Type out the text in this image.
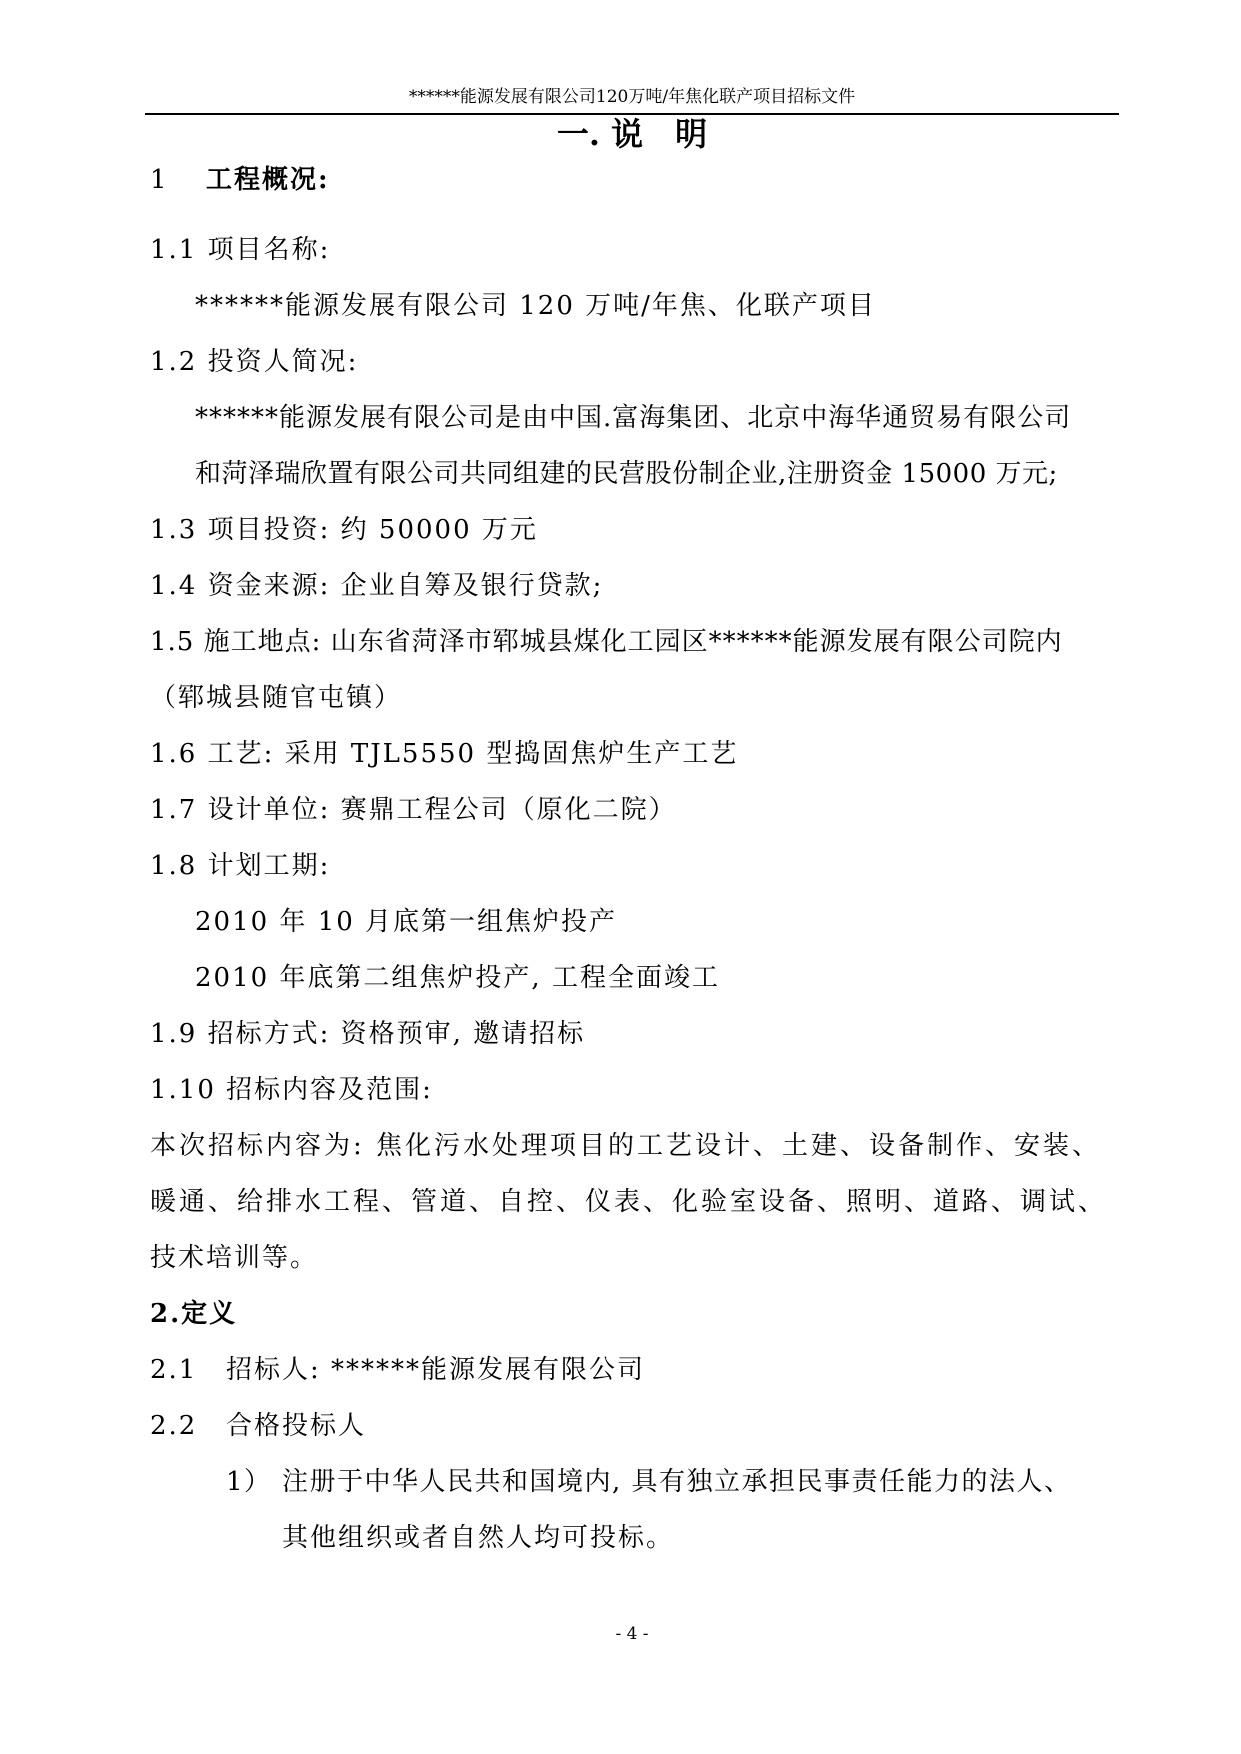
******能源发展有限公司120万吨/年焦化联产项目招标文件
一. 说　明
1 工程概况:
1.1 项目名称:
******能源发展有限公司 120 万吨/年焦、化联产项目
1.2 投资人简况:
******能源发展有限公司是由中国.富海集团、北京中海华通贸易有限公司
和菏泽瑞欣置有限公司共同组建的民营股份制企业,注册资金 15000 万元;
1.3 项目投资: 约 50000 万元
1.4 资金来源: 企业自筹及银行贷款;
1.5 施工地点: 山东省菏泽市郓城县煤化工园区******能源发展有限公司院内
（郓城县随官屯镇）
1.6 工艺: 采用 TJL5550 型捣固焦炉生产工艺
1.7 设计单位: 赛鼎工程公司（原化二院）
1.8 计划工期:
2010 年 10 月底第一组焦炉投产
2010 年底第二组焦炉投产, 工程全面竣工
1.9 招标方式: 资格预审, 邀请招标
1.10 招标内容及范围:
本次招标内容为: 焦化污水处理项目的工艺设计、土建、设备制作、安装、
暖通、给排水工程、管道、自控、仪表、化验室设备、照明、道路、调试、
技术培训等。
2.定义
2.1 招标人: ******能源发展有限公司
2.2 合格投标人
1） 注册于中华人民共和国境内, 具有独立承担民事责任能力的法人、
其他组织或者自然人均可投标。
- 4 -
